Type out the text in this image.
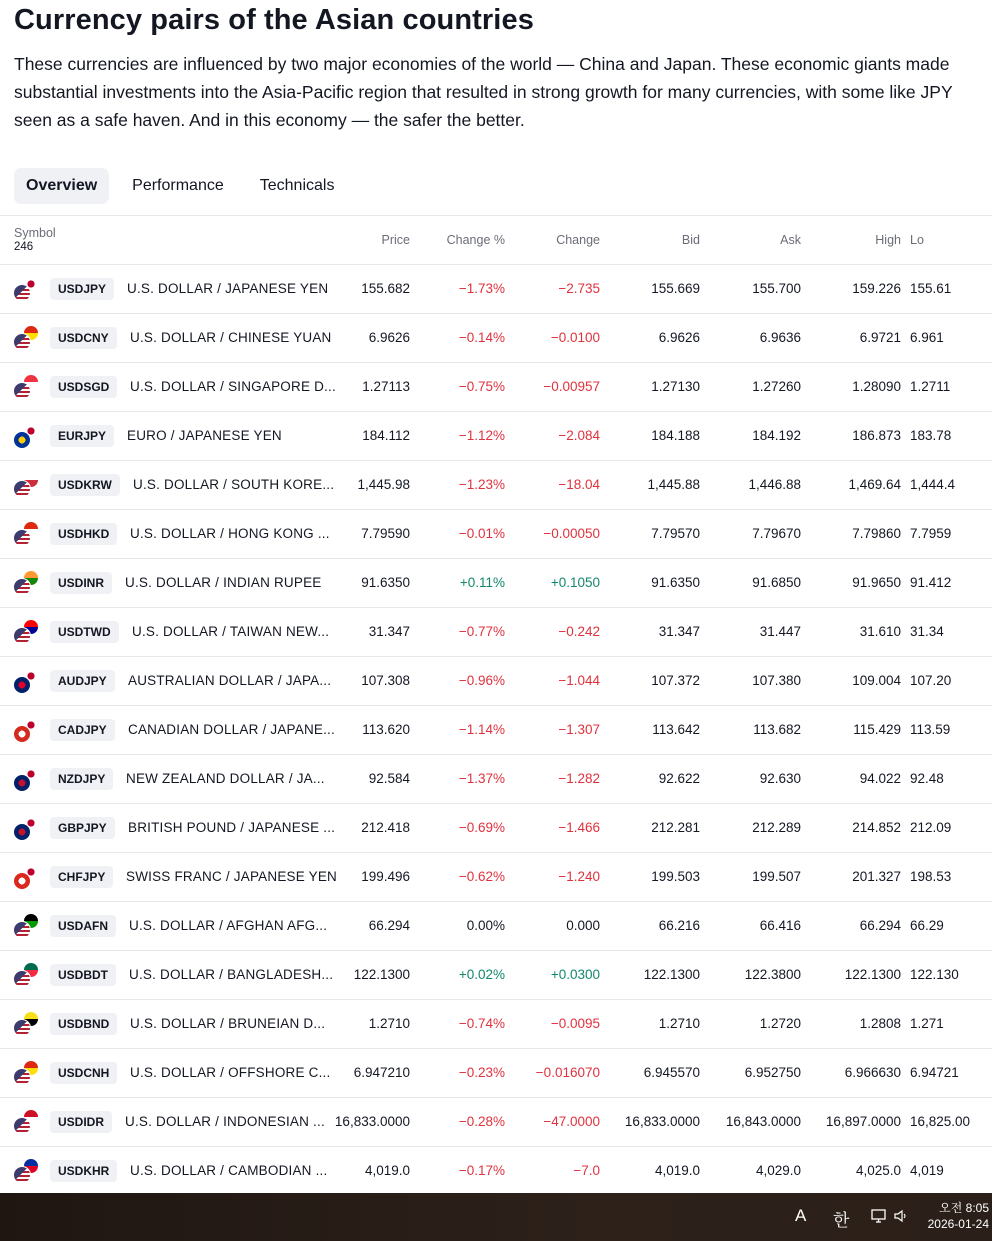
Currency pairs of the Asian countries

These currencies are influenced by two major economies of the world — China and Japan. These economic giants made substantial investments into the Asia-Pacific region that resulted in strong growth for many currencies, with some like JPY seen as a safe haven. And in this economy — the safer the better.

Overview	Performance	Technicals
Symbol
246	Price	Change %	Change	Bid	Ask	High Lo
USDJPY	U.S. DOLLAR / JAPANESE YEN 155.682	−1.73%	−2.735	155.669	155.700	159.226 155.61
USDCNY	U.S. DOLLAR / CHINESE YUAN	6.9626	−0.14%	−0.0100	6.9626	6.9636	6.9721 6.961
USDSGD	U.S. DOLLAR / SINGAPORE D... 1.27113	−0.75%	−0.00957	1.27130	1.27260	1.28090 1.2711
EURJPY	EURO / JAPANESE YEN	184.112	−1.12%	−2.084	184.188	184.192	186.873 183.78
USDKRW	U.S. DOLLAR / SOUTH KORE... 1,445.98	−1.23%	−18.04	1,445.88	1,446.88	1,469.64 1,444.4
USDHKD	U.S. DOLLAR / HONG KONG ... 7.79590	−0.01%	−0.00050	7.79570	7.79670	7.79860 7.7959
USDINR	U.S. DOLLAR / INDIAN RUPEE	91.6350	+0.11%	+0.1050	91.6350	91.6850	91.9650 91.412
USDTWD	U.S. DOLLAR / TAIWAN NEW...	31.347	−0.77%	−0.242	31.347	31.447	31.610 31.34
AUDJPY	AUSTRALIAN DOLLAR / JAPA... 107.308	−0.96%	−1.044	107.372	107.380	109.004 107.20
CADJPY	CANADIAN DOLLAR / JAPANE... 113.620	−1.14%	−1.307	113.642	113.682	115.429 113.59
NZDJPY	NEW ZEALAND DOLLAR / JA...	92.584	−1.37%	−1.282	92.622	92.630	94.022 92.48
GBPJPY	BRITISH POUND / JAPANESE ... 212.418	−0.69%	−1.466	212.281	212.289	214.852 212.09
CHFJPY	SWISS FRANC / JAPANESE YEN 199.496	−0.62%	−1.240	199.503	199.507	201.327 198.53
USDAFN	U.S. DOLLAR / AFGHAN AFG...	66.294	0.00%	0.000	66.216	66.416	66.294 66.29
USDBDT	U.S. DOLLAR / BANGLADESH... 122.1300	+0.02%	+0.0300	122.1300	122.3800	122.1300 122.130
USDBND	U.S. DOLLAR / BRUNEIAN D...	1.2710	−0.74%	−0.0095	1.2710	1.2720	1.2808 1.271
USDCNH	U.S. DOLLAR / OFFSHORE C... 6.947210	−0.23% −0.016070	6.945570	6.952750	6.966630 6.94721
USDIDR	U.S. DOLLAR / INDONESIAN ... 16,833.0000	−0.28%	−47.0000 16,833.0000 16,843.0000 16,897.0000 16,825.00
USDKHR	U.S. DOLLAR / CAMBODIAN ...	4,019.0	−0.17%	−7.0	4,019.0	4,029.0	4,025.0 4,019
A 한
오전 8:05
2026-01-24
